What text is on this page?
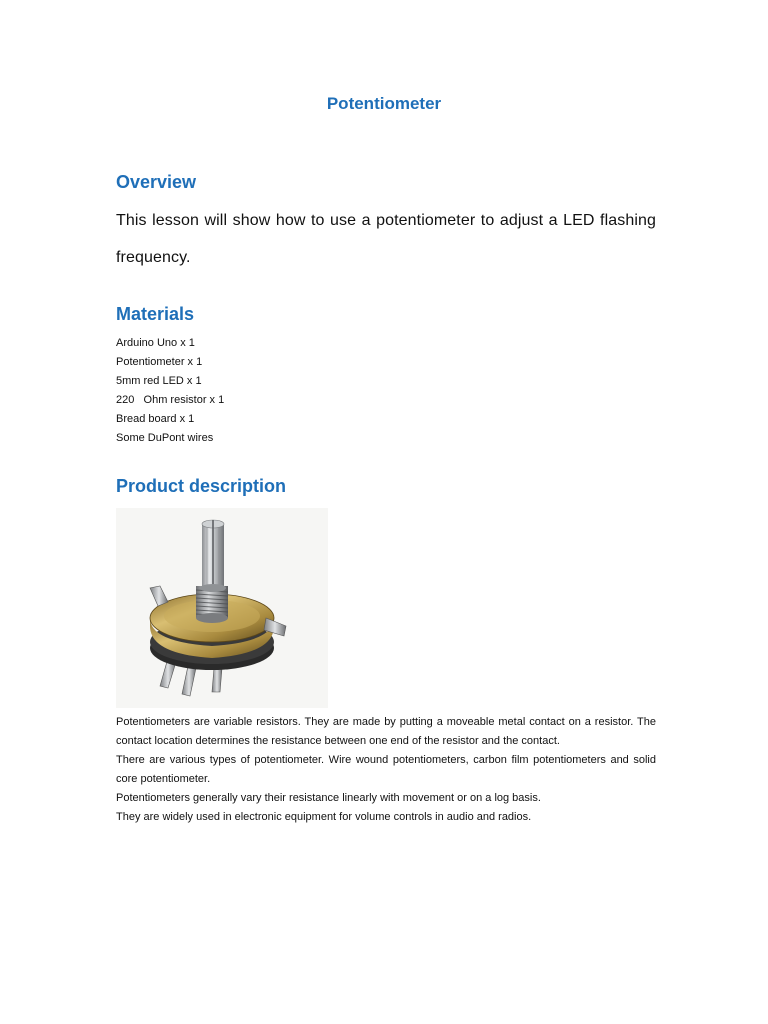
Potentiometer
Overview
This lesson will show how to use a potentiometer to adjust a LED flashing frequency.
Materials
Arduino Uno x 1
Potentiometer x 1
5mm red LED x 1
220   Ohm resistor x 1
Bread board x 1
Some DuPont wires
Product description

Potentiometers are variable resistors. They are made by putting a moveable metal contact on a resistor. The contact location determines the resistance between one end of the resistor and the contact.

There are various types of potentiometer. Wire wound potentiometers, carbon film potentiometers and solid core potentiometer.

Potentiometers generally vary their resistance linearly with movement or on a log basis.

They are widely used in electronic equipment for volume controls in audio and radios.
